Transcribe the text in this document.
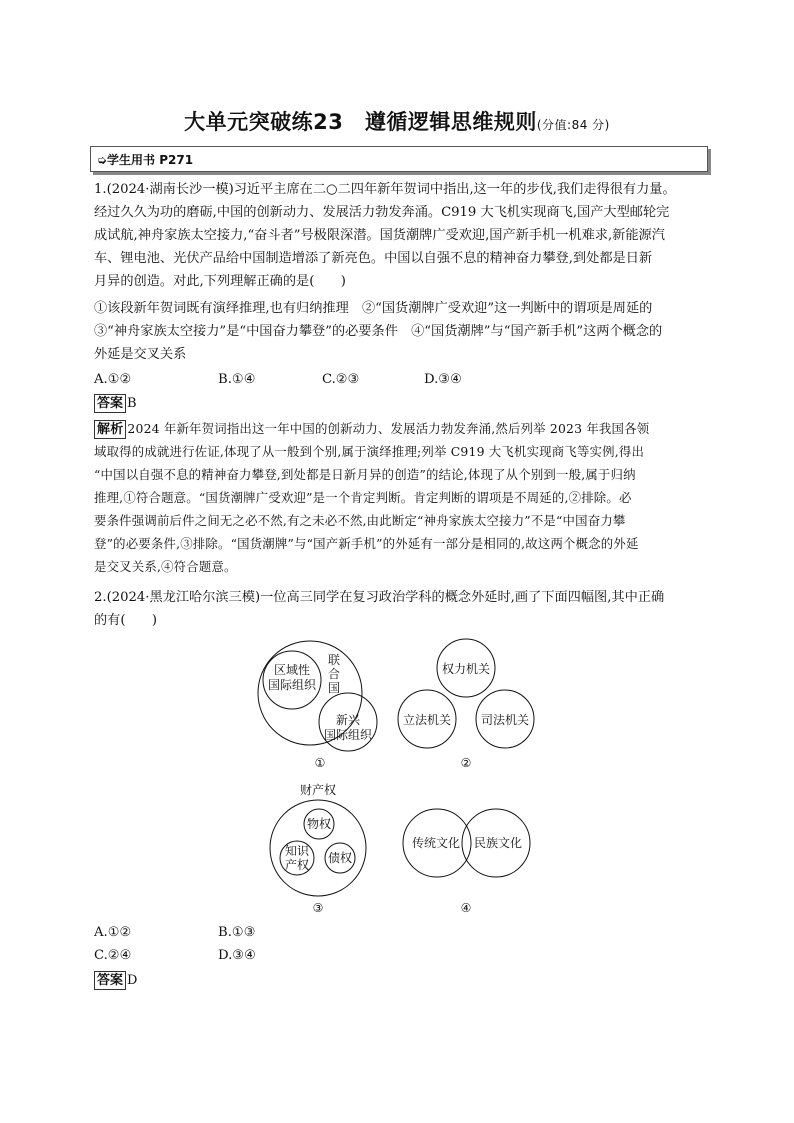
大单元突破练23　遵循逻辑思维规则(分值:84 分)
➭学生用书 P271
1.(2024·湖南长沙一模)习近平主席在二○二四年新年贺词中指出,这一年的步伐,我们走得很有力量。
经过久久为功的磨砺,中国的创新动力、发展活力勃发奔涌。C919 大飞机实现商飞,国产大型邮轮完
成试航,神舟家族太空接力,“奋斗者”号极限深潜。国货潮牌广受欢迎,国产新手机一机难求,新能源汽
车、锂电池、光伏产品给中国制造增添了新亮色。中国以自强不息的精神奋力攀登,到处都是日新
月异的创造。对此,下列理解正确的是(　　)
①该段新年贺词既有演绎推理,也有归纳推理　②“国货潮牌广受欢迎”这一判断中的谓项是周延的
③“神舟家族太空接力”是“中国奋力攀登”的必要条件　④“国货潮牌”与“国产新手机”这两个概念的
外延是交叉关系
A.①②	B.①④	C.②③	D.③④
答案 B
解析 2024 年新年贺词指出这一年中国的创新动力、发展活力勃发奔涌,然后列举 2023 年我国各领
域取得的成就进行佐证,体现了从一般到个别,属于演绎推理;列举 C919 大飞机实现商飞等实例,得出
“中国以自强不息的精神奋力攀登,到处都是日新月异的创造”的结论,体现了从个别到一般,属于归纳
推理,①符合题意。“国货潮牌广受欢迎”是一个肯定判断。肯定判断的谓项是不周延的,②排除。必
要条件强调前后件之间无之必不然,有之未必不然,由此断定“神舟家族太空接力”不是“中国奋力攀
登”的必要条件,③排除。“国货潮牌”与“国产新手机”的外延有一部分是相同的,故这两个概念的外延
是交叉关系,④符合题意。
2.(2024·黑龙江哈尔滨三模)一位高三同学在复习政治学科的概念外延时,画了下面四幅图,其中正确
的有(　　)
区域性
国际组织
联
合
国
新兴
国际组织
①
权力机关
立法机关 司法机关
②
财产权
物权
知识
产权 债权
③
传统文化 民族文化
④
A.①②	B.①③
C.②④	D.③④
答案 D
